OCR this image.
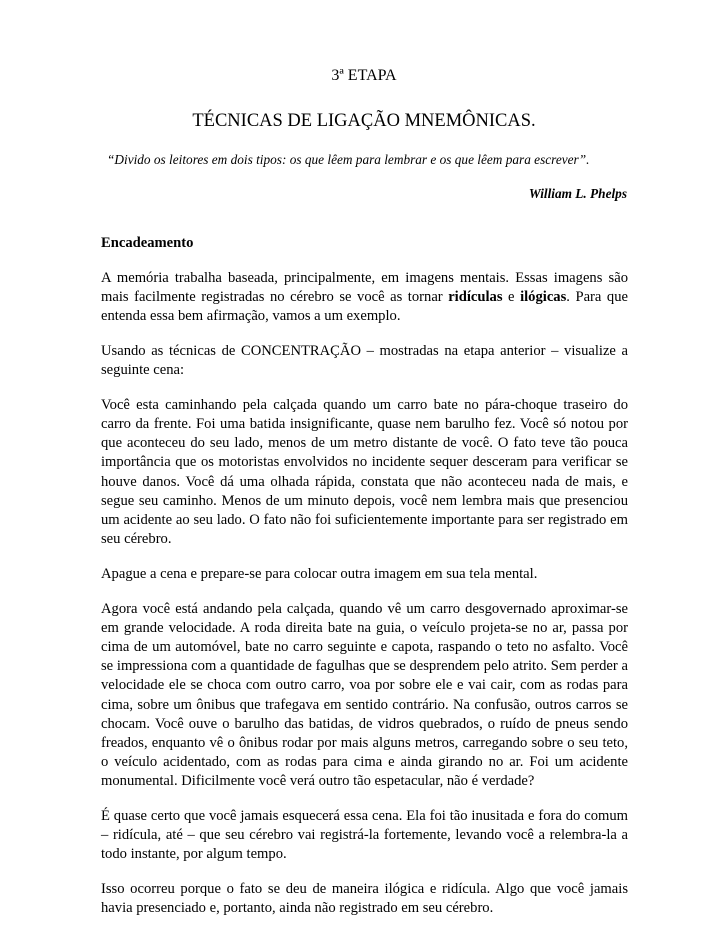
3ª ETAPA
TÉCNICAS DE LIGAÇÃO MNEMÔNICAS.
“Divido os leitores em dois tipos: os que lêem para lembrar e os que lêem para escrever”.
William L. Phelps

Encadeamento

A memória trabalha baseada, principalmente, em imagens mentais. Essas imagens são mais facilmente registradas no cérebro se você as tornar ridículas e ilógicas. Para que entenda essa bem afirmação, vamos a um exemplo.

Usando as técnicas de CONCENTRAÇÃO – mostradas na etapa anterior – visualize a seguinte cena:

Você esta caminhando pela calçada quando um carro bate no pára-choque traseiro do carro da frente. Foi uma batida insignificante, quase nem barulho fez. Você só notou por que aconteceu do seu lado, menos de um metro distante de você. O fato teve tão pouca importância que os motoristas envolvidos no incidente sequer desceram para verificar se houve danos. Você dá uma olhada rápida, constata que não aconteceu nada de mais, e segue seu caminho. Menos de um minuto depois, você nem lembra mais que presenciou um acidente ao seu lado. O fato não foi suficientemente importante para ser registrado em seu cérebro.

Apague a cena e prepare-se para colocar outra imagem em sua tela mental.

Agora você está andando pela calçada, quando vê um carro desgovernado aproximar-se em grande velocidade. A roda direita bate na guia, o veículo projeta-se no ar, passa por cima de um automóvel, bate no carro seguinte e capota, raspando o teto no asfalto. Você se impressiona com a quantidade de fagulhas que se desprendem pelo atrito. Sem perder a velocidade ele se choca com outro carro, voa por sobre ele e vai cair, com as rodas para cima, sobre um ônibus que trafegava em sentido contrário. Na confusão, outros carros se chocam. Você ouve o barulho das batidas, de vidros quebrados, o ruído de pneus sendo freados, enquanto vê o ônibus rodar por mais alguns metros, carregando sobre o seu teto, o veículo acidentado, com as rodas para cima e ainda girando no ar. Foi um acidente monumental. Dificilmente você verá outro tão espetacular, não é verdade?

É quase certo que você jamais esquecerá essa cena. Ela foi tão inusitada e fora do comum – ridícula, até – que seu cérebro vai registrá-la fortemente, levando você a relembra-la a todo instante, por algum tempo.

Isso ocorreu porque o fato se deu de maneira ilógica e ridícula. Algo que você jamais havia presenciado e, portanto, ainda não registrado em seu cérebro.
